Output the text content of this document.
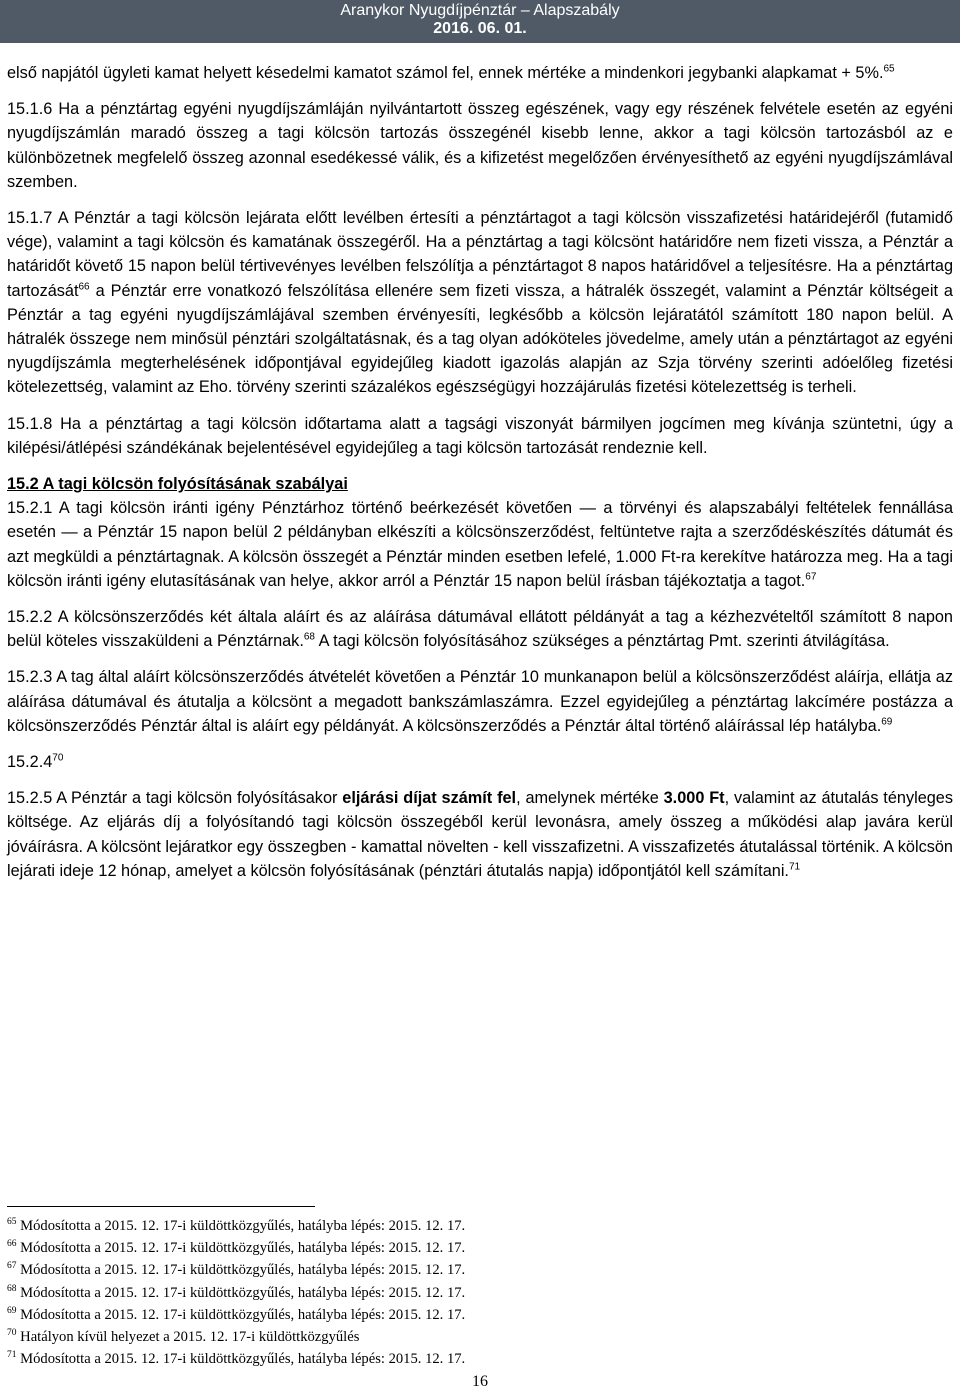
Aranykor Nyugdíjpénztár – Alapszabály
2016. 06. 01.

első napjától ügyleti kamat helyett késedelmi kamatot számol fel, ennek mértéke a mindenkori jegybanki alapkamat + 5%.$^{65}$

15.1.6 Ha a pénztártag egyéni nyugdíjszámláján nyilvántartott összeg egészének, vagy egy részének felvétele esetén az egyéni nyugdíjszámlán maradó összeg a tagi kölcsön tartozás összegénél kisebb lenne, akkor a tagi kölcsön tartozásból az e különbözetnek megfelelő összeg azonnal esedékessé válik, és a kifizetést megelőzően érvényesíthető az egyéni nyugdíjszámlával szemben.

15.1.7 A Pénztár a tagi kölcsön lejárata előtt levélben értesíti a pénztártagot a tagi kölcsön visszafizetési határidejéről (futamidő vége), valamint a tagi kölcsön és kamatának összegéről. Ha a pénztártag a tagi kölcsönt határidőre nem fizeti vissza, a Pénztár a határidőt követő 15 napon belül tértivevényes levélben felszólítja a pénztártagot 8 napos határidővel a teljesítésre. Ha a pénztártag tartozását$^{66}$ a Pénztár erre vonatkozó felszólítása ellenére sem fizeti vissza, a hátralék összegét, valamint a Pénztár költségeit a Pénztár a tag egyéni nyugdíjszámlájával szemben érvényesíti, legkésőbb a kölcsön lejáratától számított 180 napon belül. A hátralék összege nem minősül pénztári szolgáltatásnak, és a tag olyan adóköteles jövedelme, amely után a pénztártagot az egyéni nyugdíjszámla megterhelésének időpontjával egyidejűleg kiadott igazolás alapján az Szja törvény szerinti adóelőleg fizetési kötelezettség, valamint az Eho. törvény szerinti százalékos egészségügyi hozzájárulás fizetési kötelezettség is terheli.

15.1.8 Ha a pénztártag a tagi kölcsön időtartama alatt a tagsági viszonyát bármilyen jogcímen meg kívánja szüntetni, úgy a kilépési/átlépési szándékának bejelentésével egyidejűleg a tagi kölcsön tartozását rendeznie kell.

15.2 A tagi kölcsön folyósításának szabályai

15.2.1 A tagi kölcsön iránti igény Pénztárhoz történő beérkezését követően — a törvényi és alapszabályi feltételek fennállása esetén — a Pénztár 15 napon belül 2 példányban elkészíti a kölcsönszerződést, feltüntetve rajta a szerződéskészítés dátumát és azt megküldi a pénztártagnak. A kölcsön összegét a Pénztár minden esetben lefelé, 1.000 Ft-ra kerekítve határozza meg. Ha a tagi kölcsön iránti igény elutasításának van helye, akkor arról a Pénztár 15 napon belül írásban tájékoztatja a tagot.$^{67}$

15.2.2 A kölcsönszerződés két általa aláírt és az aláírása dátumával ellátott példányát a tag a kézhezvételtől számított 8 napon belül köteles visszaküldeni a Pénztárnak.$^{68}$ A tagi kölcsön folyósításához szükséges a pénztártag Pmt. szerinti átvilágítása.

15.2.3 A tag által aláírt kölcsönszerződés átvételét követően a Pénztár 10 munkanapon belül a kölcsönszerződést aláírja, ellátja az aláírása dátumával és átutalja a kölcsönt a megadott bankszámlaszámra. Ezzel egyidejűleg a pénztártag lakcímére postázza a kölcsönszerződés Pénztár által is aláírt egy példányát. A kölcsönszerződés a Pénztár által történő aláírással lép hatályba.$^{69}$

15.2.4$^{70}$

15.2.5 A Pénztár a tagi kölcsön folyósításakor eljárási díjat számít fel, amelynek mértéke 3.000 Ft, valamint az átutalás tényleges költsége. Az eljárás díj a folyósítandó tagi kölcsön összegéből kerül levonásra, amely összeg a működési alap javára kerül jóváírásra. A kölcsönt lejáratkor egy összegben - kamattal növelten - kell visszafizetni. A visszafizetés átutalással történik. A kölcsön lejárati ideje 12 hónap, amelyet a kölcsön folyósításának (pénztári átutalás napja) időpontjától kell számítani.$^{71}$

$^{65}$ Módosította a 2015. 12. 17-i küldöttközgyűlés, hatályba lépés: 2015. 12. 17.
$^{66}$ Módosította a 2015. 12. 17-i küldöttközgyűlés, hatályba lépés: 2015. 12. 17.
$^{67}$ Módosította a 2015. 12. 17-i küldöttközgyűlés, hatályba lépés: 2015. 12. 17.
$^{68}$ Módosította a 2015. 12. 17-i küldöttközgyűlés, hatályba lépés: 2015. 12. 17.
$^{69}$ Módosította a 2015. 12. 17-i küldöttközgyűlés, hatályba lépés: 2015. 12. 17.
$^{70}$ Hatályon kívül helyezet a 2015. 12. 17-i küldöttközgyűlés
$^{71}$ Módosította a 2015. 12. 17-i küldöttközgyűlés, hatályba lépés: 2015. 12. 17.
16
